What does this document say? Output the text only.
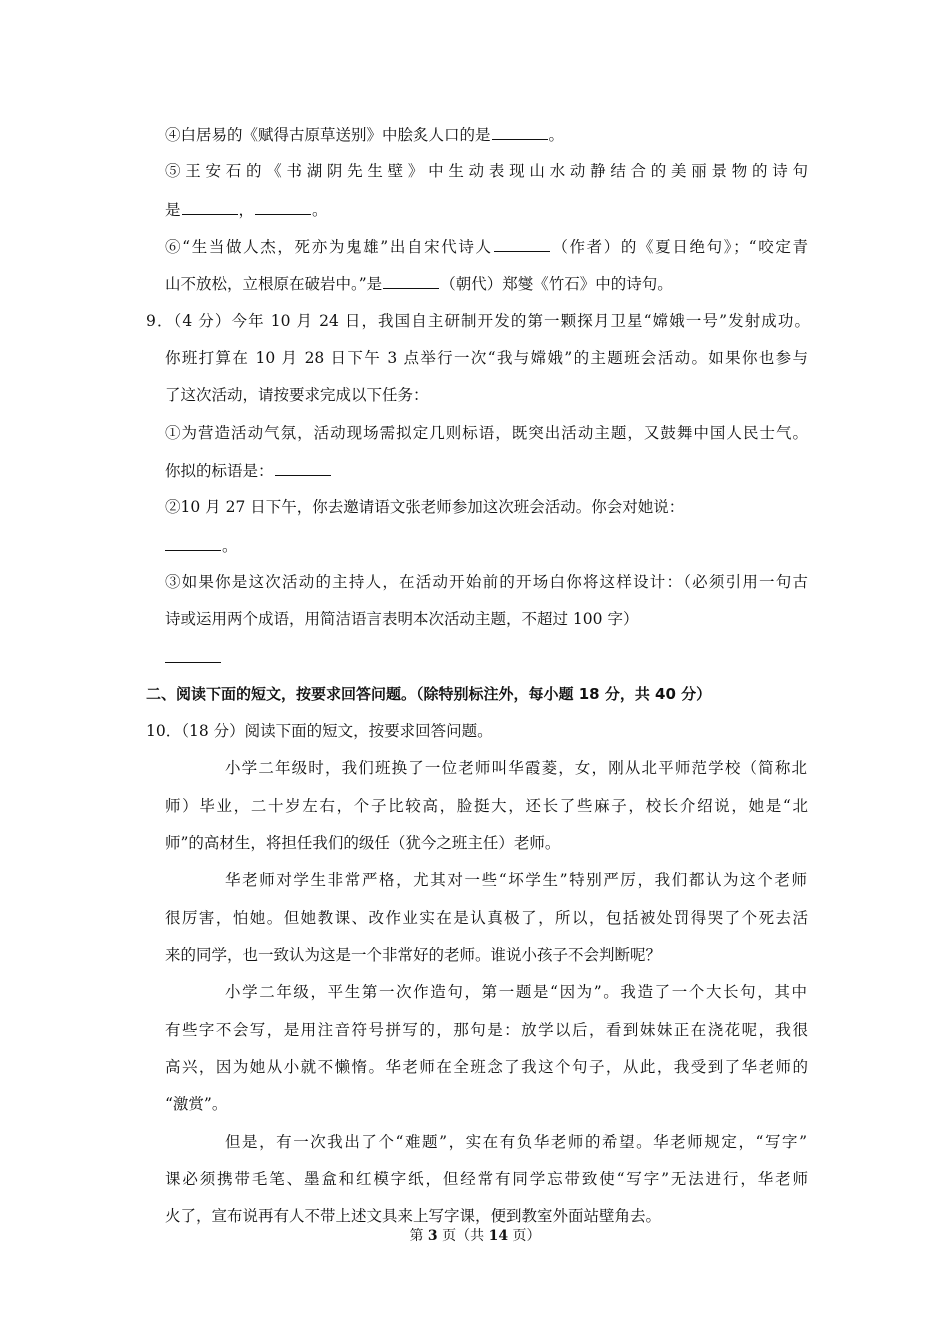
④白居易的《赋得古原草送别》中脍炙人口的是	。
⑤王安石的《书湖阴先生壁》中生动表现山水动静结合的美丽景物的诗句
是	，	。
⑥“生当做人杰，死亦为鬼雄”出自宋代诗人	（作者）的《夏日绝句》；“咬定青
山不放松，立根原在破岩中。”是	（朝代）郑燮《竹石》中的诗句。
9．（4 分）今年 10 月 24 日，我国自主研制开发的第一颗探月卫星“嫦娥一号”发射成功。
你班打算在 10 月 28 日下午 3 点举行一次“我与嫦娥”的主题班会活动。如果你也参与
了这次活动，请按要求完成以下任务：
①为营造活动气氛，活动现场需拟定几则标语，既突出活动主题，又鼓舞中国人民士气。
你拟的标语是：
②10 月 27 日下午，你去邀请语文张老师参加这次班会活动。你会对她说：
。
③如果你是这次活动的主持人，在活动开始前的开场白你将这样设计：（必须引用一句古
诗或运用两个成语，用简洁语言表明本次活动主题，不超过 100 字）
二、阅读下面的短文，按要求回答问题。（除特别标注外，每小题 18 分，共 40 分）
10．（18 分）阅读下面的短文，按要求回答问题。
小学二年级时，我们班换了一位老师叫华霞菱，女，刚从北平师范学校（简称北
师）毕业，二十岁左右，个子比较高，脸挺大，还长了些麻子，校长介绍说，她是“北
师”的高材生，将担任我们的级任（犹今之班主任）老师。
华老师对学生非常严格，尤其对一些“坏学生”特别严厉，我们都认为这个老师
很厉害，怕她。但她教课、改作业实在是认真极了，所以，包括被处罚得哭了个死去活
来的同学，也一致认为这是一个非常好的老师。谁说小孩子不会判断呢？
小学二年级，平生第一次作造句，第一题是“因为”。我造了一个大长句，其中
有些字不会写，是用注音符号拼写的，那句是：放学以后，看到妹妹正在浇花呢，我很
高兴，因为她从小就不懒惰。华老师在全班念了我这个句子，从此，我受到了华老师的
“激赏”。
但是，有一次我出了个“难题”，实在有负华老师的希望。华老师规定，“写字”
课必须携带毛笔、墨盒和红模字纸，但经常有同学忘带致使“写字”无法进行，华老师
火了，宣布说再有人不带上述文具来上写字课，便到教室外面站壁角去。
第 3 页（共 14 页）
